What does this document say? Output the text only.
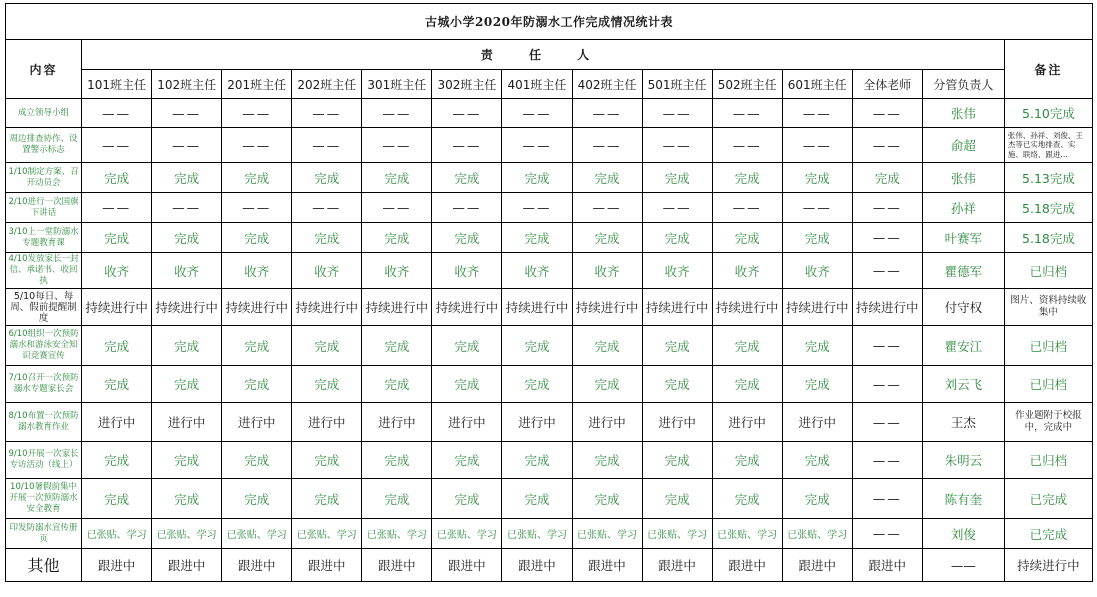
古城小学2020年防溺水工作完成情况统计表														
内容	责 任 人													备注
	101班主任	102班主任	201班主任	202班主任	301班主任	302班主任	401班主任	402班主任	501班主任	502班主任	601班主任	全体老师	分管负责人	
成立领导小组	——	——	——	——	——	——	——	——	——	——	——	——	张伟	5.10完成
周边排查协作、设置警示标志	——	——	——	——	——	——	——	——	——	——	——	——	俞超	张伟、孙祥、刘俊、王杰等已实地排查、实施、联络、跟进…
1/10制定方案、召开动员会	完成	完成	完成	完成	完成	完成	完成	完成	完成	完成	完成	完成	张伟	5.13完成
2/10进行一次国旗下讲话	——	——	——	——	——	——	——	——	——	——	——	——	孙祥	5.18完成
3/10上一堂防溺水专题教育课	完成	完成	完成	完成	完成	完成	完成	完成	完成	完成	完成	——	叶赛军	5.18完成
4/10发放家长一封信、承诺书、收回执	收齐	收齐	收齐	收齐	收齐	收齐	收齐	收齐	收齐	收齐	收齐	——	瞿德军	已归档
5/10每日、每周、假前提醒制度	持续进行中	持续进行中	持续进行中	持续进行中	持续进行中	持续进行中	持续进行中	持续进行中	持续进行中	持续进行中	持续进行中	持续进行中	付守权	图片、资料持续收集中
6/10组织一次预防溺水和游泳安全知识竞赛宣传	完成	完成	完成	完成	完成	完成	完成	完成	完成	完成	完成	——	瞿安江	已归档
7/10召开一次预防溺水专题家长会	完成	完成	完成	完成	完成	完成	完成	完成	完成	完成	完成	——	刘云飞	已归档
8/10布置一次预防溺水教育作业	进行中	进行中	进行中	进行中	进行中	进行中	进行中	进行中	进行中	进行中	进行中	——	王杰	作业题附于校报中，完成中
9/10开展一次家长专访活动（线上）	完成	完成	完成	完成	完成	完成	完成	完成	完成	完成	完成	——	朱明云	已归档
10/10暑假前集中开展一次预防溺水安全教育	完成	完成	完成	完成	完成	完成	完成	完成	完成	完成	完成	——	陈有奎	已完成
印发防溺水宣传册页	已张贴、学习	已张贴、学习	已张贴、学习	已张贴、学习	已张贴、学习	已张贴、学习	已张贴、学习	已张贴、学习	已张贴、学习	已张贴、学习	已张贴、学习	——	刘俊	已完成
其他	跟进中	跟进中	跟进中	跟进中	跟进中	跟进中	跟进中	跟进中	跟进中	跟进中	跟进中	跟进中	——	持续进行中
